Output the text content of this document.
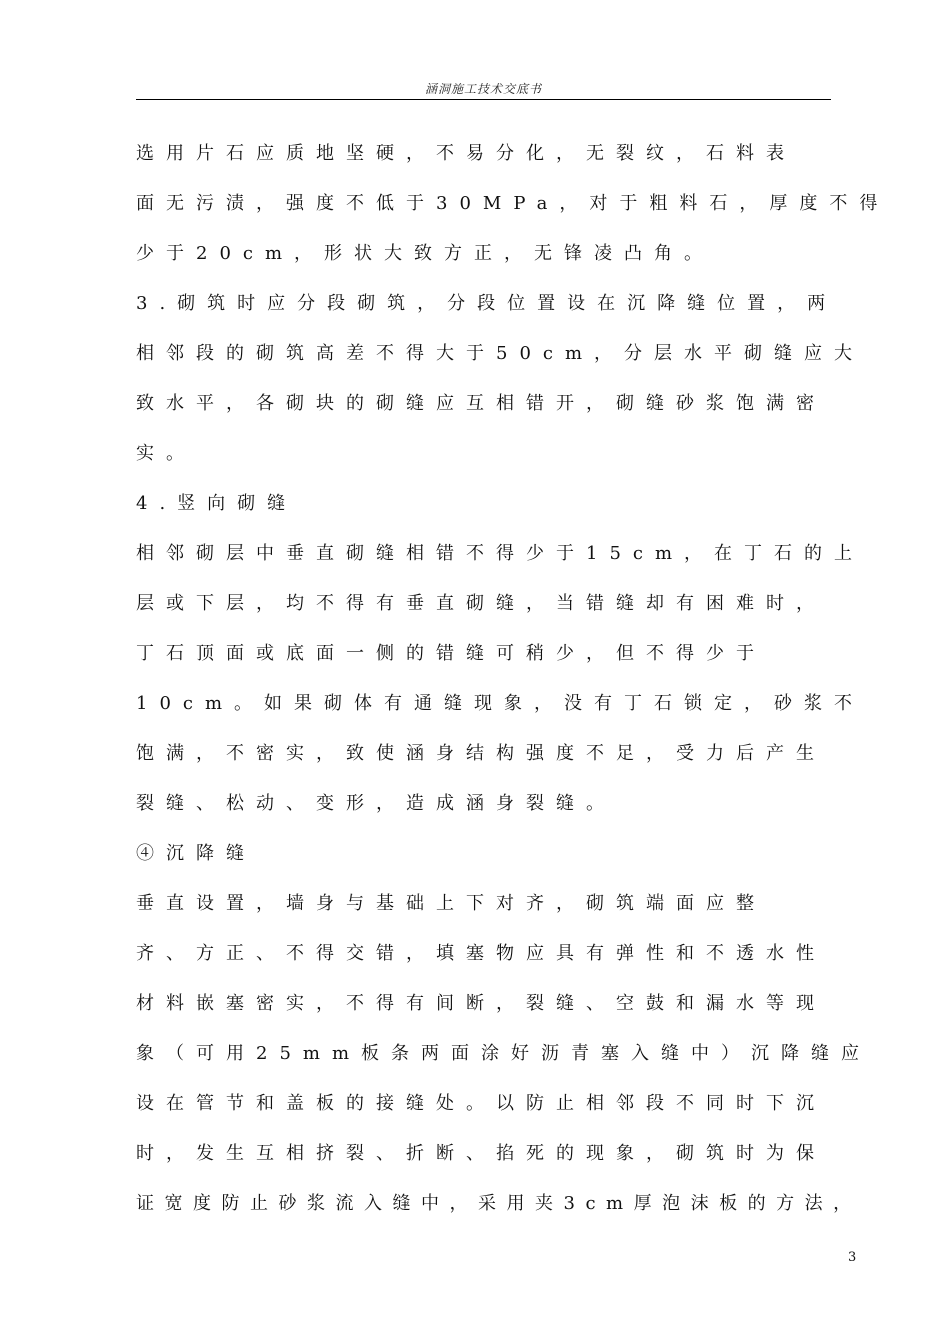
涵洞施工技术交底书
选用片石应质地坚硬，不易分化，无裂纹，石料表
面无污渍，强度不低于30MPa，对于粗料石，厚度不得
少于20cm，形状大致方正，无锋凌凸角。
3.砌筑时应分段砌筑，分段位置设在沉降缝位置，两
相邻段的砌筑高差不得大于50cm，分层水平砌缝应大
致水平，各砌块的砌缝应互相错开，砌缝砂浆饱满密
实。
4.竖向砌缝
相邻砌层中垂直砌缝相错不得少于15cm，在丁石的上
层或下层，均不得有垂直砌缝，当错缝却有困难时，
丁石顶面或底面一侧的错缝可稍少，但不得少于
10cm。如果砌体有通缝现象，没有丁石锁定，砂浆不
饱满，不密实，致使涵身结构强度不足，受力后产生
裂缝、松动、变形，造成涵身裂缝。
④沉降缝
垂直设置，墙身与基础上下对齐，砌筑端面应整
齐、方正、不得交错，填塞物应具有弹性和不透水性
材料嵌塞密实，不得有间断，裂缝、空鼓和漏水等现
象（可用25mm板条两面涂好沥青塞入缝中）沉降缝应
设在管节和盖板的接缝处。以防止相邻段不同时下沉
时，发生互相挤裂、折断、掐死的现象，砌筑时为保
证宽度防止砂浆流入缝中，采用夹3cm厚泡沫板的方法，
3
